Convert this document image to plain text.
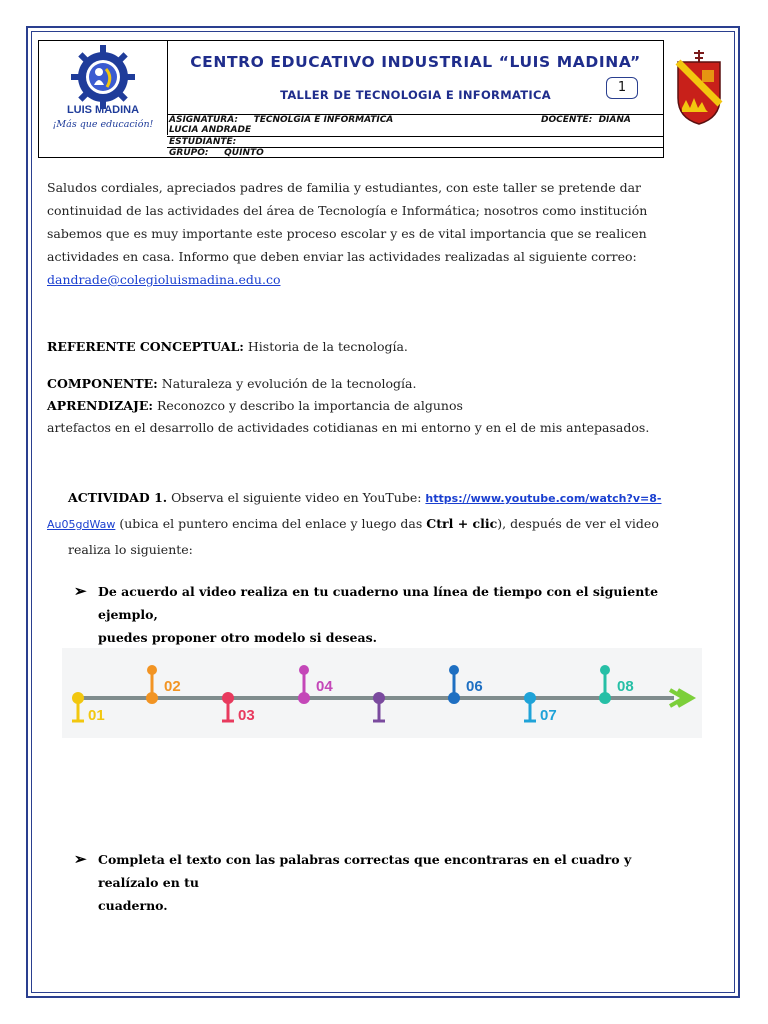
LUIS MADINA
¡Más que educación!
CENTRO EDUCATIVO INDUSTRIAL “LUIS MADINA”
TALLER DE TECNOLOGIA E INFORMATICA	1
ASIGNATURA: TECNOLGIA E INFORMATICA	DOCENTE: DIANA
LUCIA ANDRADE
ESTUDIANTE:
GRUPO: QUINTO
Saludos cordiales, apreciados padres de familia y estudiantes, con este taller se pretende dar
continuidad de las actividades del área de Tecnología e Informática; nosotros como institución
sabemos que es muy importante este proceso escolar y es de vital importancia que se realicen
actividades en casa. Informo que deben enviar las actividades realizadas al siguiente correo:
dandrade@colegioluismadina.edu.co
REFERENTE CONCEPTUAL: Historia de la tecnología.
COMPONENTE: Naturaleza y evolución de la tecnología.
APRENDIZAJE: Reconozco y describo la importancia de algunos
artefactos en el desarrollo de actividades cotidianas en mi entorno y en el de mis antepasados.
ACTIVIDAD 1. Observa el siguiente video en YouTube: https://www.youtube.com/watch?v=8-
Au05gdWaw (ubica el puntero encima del enlace y luego das Ctrl + clic), después de ver el video
realiza lo siguiente:
➢ De acuerdo al video realiza en tu cuaderno una línea de tiempo con el siguiente ejemplo,
puedes proponer otro modelo si deseas.
01
02
03
04	06
07
08
➢ Completa el texto con las palabras correctas que encontraras en el cuadro y realízalo en tu
cuaderno.
